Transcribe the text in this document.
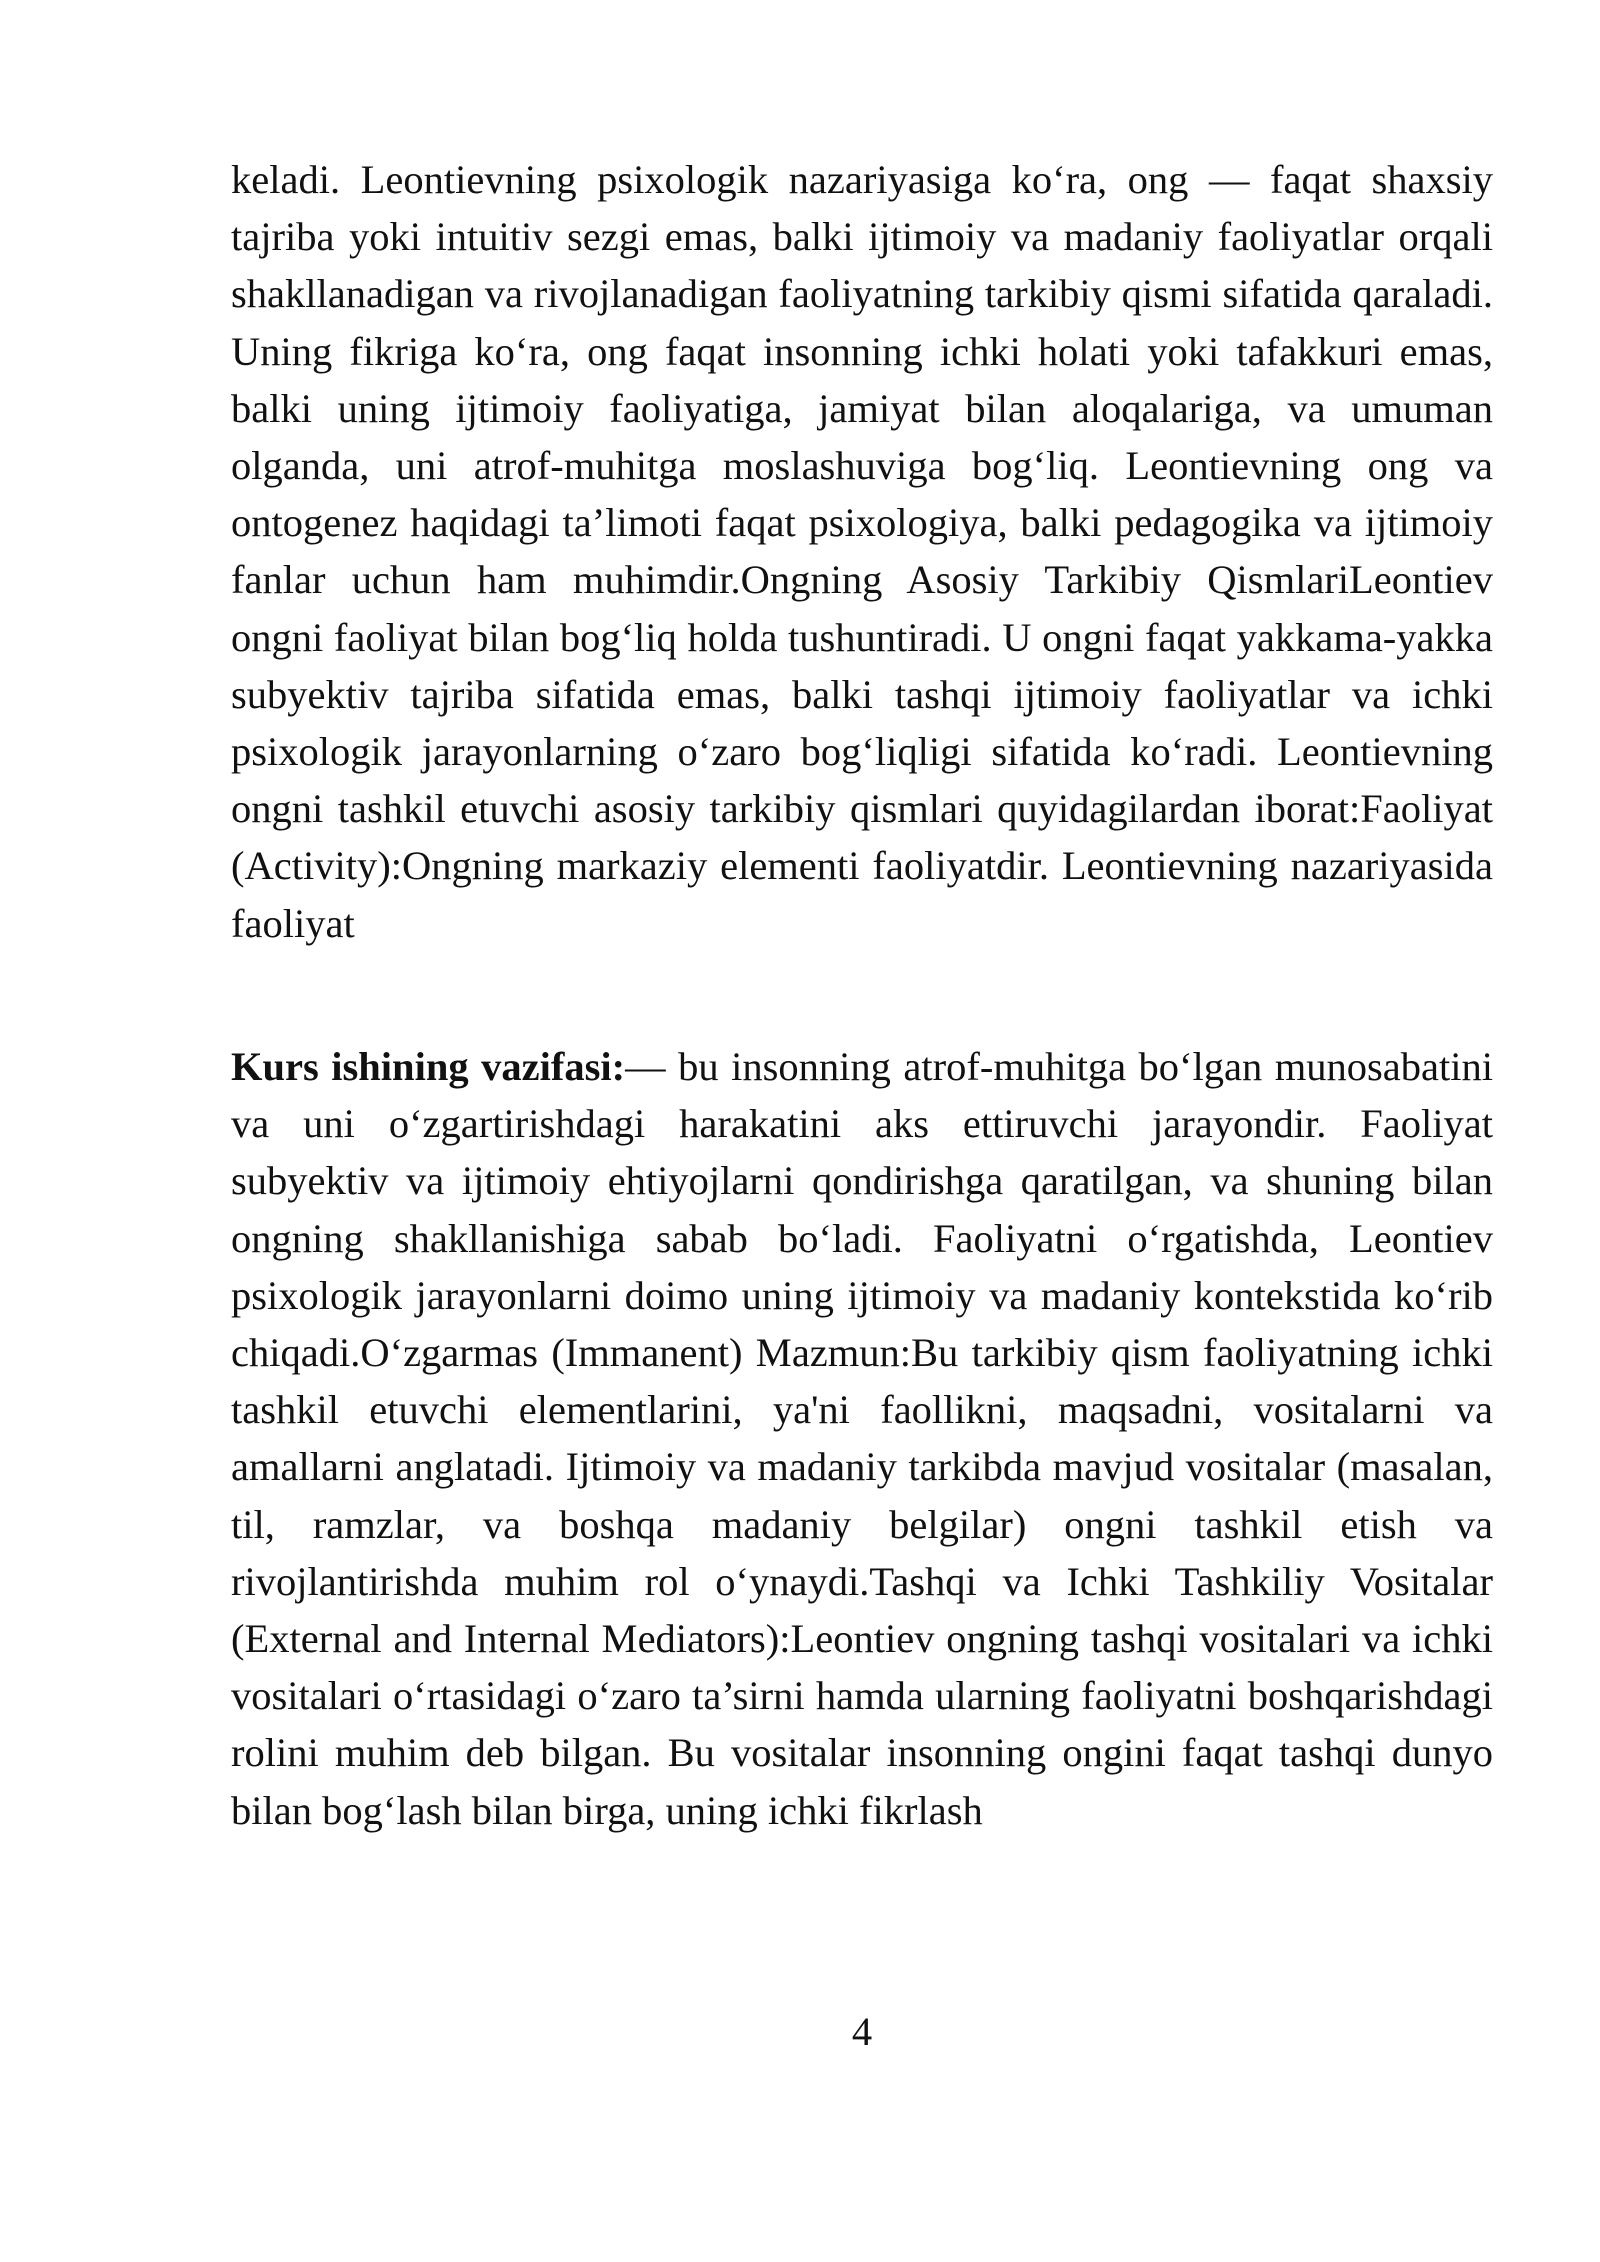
keladi. Leontievning psixologik nazariyasiga ko‘ra, ong — faqat shaxsiy tajriba yoki intuitiv sezgi emas, balki ijtimoiy va madaniy faoliyatlar orqali shakllanadigan va rivojlanadigan faoliyatning tarkibiy qismi sifatida qaraladi. Uning fikriga ko‘ra, ong faqat insonning ichki holati yoki tafakkuri emas, balki uning ijtimoiy faoliyatiga, jamiyat bilan aloqalariga, va umuman olganda, uni atrof-muhitga moslashuviga bog‘liq. Leontievning ong va ontogenez haqidagi ta’limoti faqat psixologiya, balki pedagogika va ijtimoiy fanlar uchun ham muhimdir.Ongning Asosiy Tarkibiy QismlariLeontiev ongni faoliyat bilan bog‘liq holda tushuntiradi. U ongni faqat yakkama-yakka subyektiv tajriba sifatida emas, balki tashqi ijtimoiy faoliyatlar va ichki psixologik jarayonlarning o‘zaro bog‘liqligi sifatida ko‘radi. Leontievning ongni tashkil etuvchi asosiy tarkibiy qismlari quyidagilardan iborat:Faoliyat (Activity):Ongning markaziy elementi faoliyatdir. Leontievning nazariyasida faoliyat

Kurs ishining vazifasi:— bu insonning atrof-muhitga bo‘lgan munosabatini va uni o‘zgartirishdagi harakatini aks ettiruvchi jarayondir. Faoliyat subyektiv va ijtimoiy ehtiyojlarni qondirishga qaratilgan, va shuning bilan ongning shakllanishiga sabab bo‘ladi. Faoliyatni o‘rgatishda, Leontiev psixologik jarayonlarni doimo uning ijtimoiy va madaniy kontekstida ko‘rib chiqadi.O‘zgarmas (Immanent) Mazmun:Bu tarkibiy qism faoliyatning ichki tashkil etuvchi elementlarini, ya'ni faollikni, maqsadni, vositalarni va amallarni anglatadi. Ijtimoiy va madaniy tarkibda mavjud vositalar (masalan, til, ramzlar, va boshqa madaniy belgilar) ongni tashkil etish va rivojlantirishda muhim rol o‘ynaydi.Tashqi va Ichki Tashkiliy Vositalar (External and Internal Mediators):Leontiev ongning tashqi vositalari va ichki vositalari o‘rtasidagi o‘zaro ta’sirni hamda ularning faoliyatni boshqarishdagi rolini muhim deb bilgan. Bu vositalar insonning ongini faqat tashqi dunyo bilan bog‘lash bilan birga, uning ichki fikrlash

4
